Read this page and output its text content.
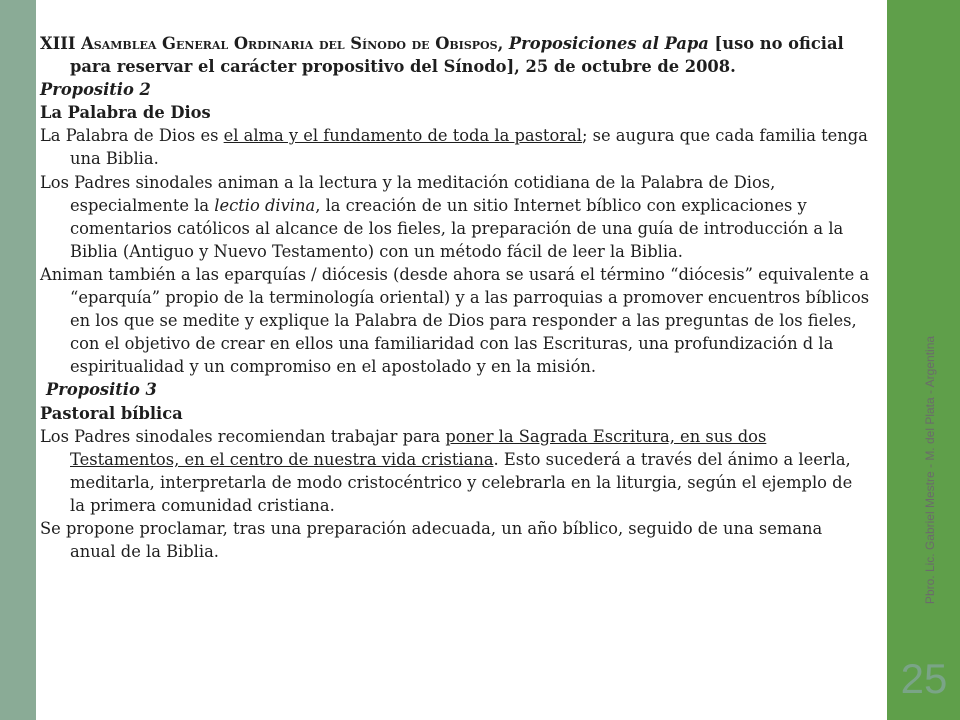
Pbro. Lic. Gabriel Mestre - M. del Plata - Argentina
25

XIII Asamblea General Ordinaria del Sínodo de Obispos, Proposiciones al Papa [uso no oficial para reservar el carácter propositivo del Sínodo], 25 de octubre de 2008.

Propositio 2

La Palabra de Dios

La Palabra de Dios es el alma y el fundamento de toda la pastoral; se augura que cada familia tenga una Biblia.

Los Padres sinodales animan a la lectura y la meditación cotidiana de la Palabra de Dios, especialmente la lectio divina, la creación de un sitio Internet bíblico con explicaciones y comentarios católicos al alcance de los fieles, la preparación de una guía de introducción a la Biblia (Antiguo y Nuevo Testamento) con un método fácil de leer la Biblia.

Animan también a las eparquías / diócesis (desde ahora se usará el término “diócesis” equivalente a “eparquía” propio de la terminología oriental) y a las parroquias a promover encuentros bíblicos en los que se medite y explique la Palabra de Dios para responder a las preguntas de los fieles, con el objetivo de crear en ellos una familiaridad con las Escrituras, una profundización d la espiritualidad y un compromiso en el apostolado y en la misión.

Propositio 3

Pastoral bíblica

Los Padres sinodales recomiendan trabajar para poner la Sagrada Escritura, en sus dos Testamentos, en el centro de nuestra vida cristiana. Esto sucederá a través del ánimo a leerla, meditarla, interpretarla de modo cristocéntrico y celebrarla en la liturgia, según el ejemplo de la primera comunidad cristiana.

Se propone proclamar, tras una preparación adecuada, un año bíblico, seguido de una semana anual de la Biblia.
